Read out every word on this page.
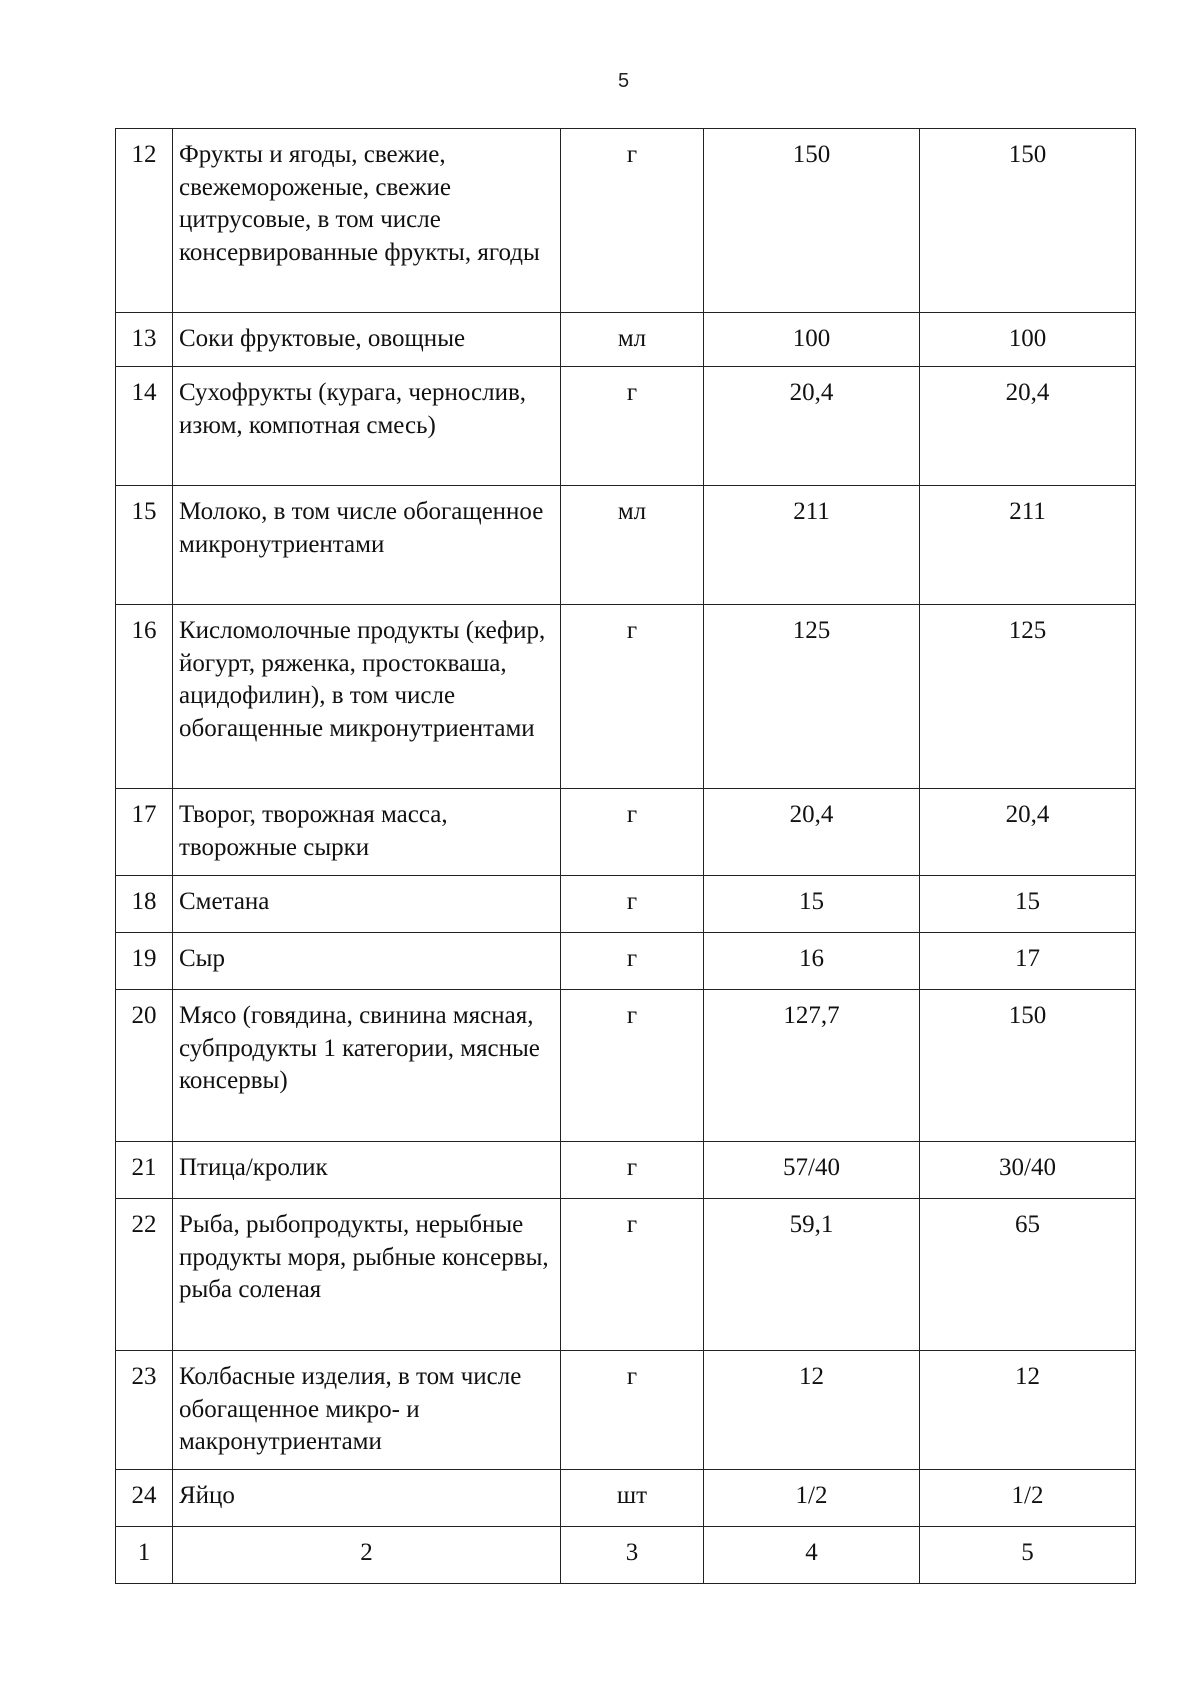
5
12	Фрукты и ягоды, свежие, свежемороженые, свежие цитрусовые, в том числе консервированные фрукты, ягоды	г	150	150
13	Соки фруктовые, овощные	мл	100	100
14	Сухофрукты (курага, чернослив, изюм, компотная смесь)	г	20,4	20,4
15	Молоко, в том числе обогащенное микронутриентами	мл	211	211
16	Кисломолочные продукты (кефир, йогурт, ряженка, простокваша, ацидофилин), в том числе обогащенные микронутриентами	г	125	125
17	Творог, творожная масса, творожные сырки	г	20,4	20,4
18	Сметана	г	15	15
19	Сыр	г	16	17
20	Мясо (говядина, свинина мясная, субпродукты 1 категории, мясные консервы)	г	127,7	150
21	Птица/кролик	г	57/40	30/40
22	Рыба, рыбопродукты, нерыбные продукты моря, рыбные консервы, рыба соленая	г	59,1	65
23	Колбасные изделия, в том числе обогащенное микро- и макронутриентами	г	12	12
24	Яйцо	шт	1/2	1/2
1	2	3	4	5
